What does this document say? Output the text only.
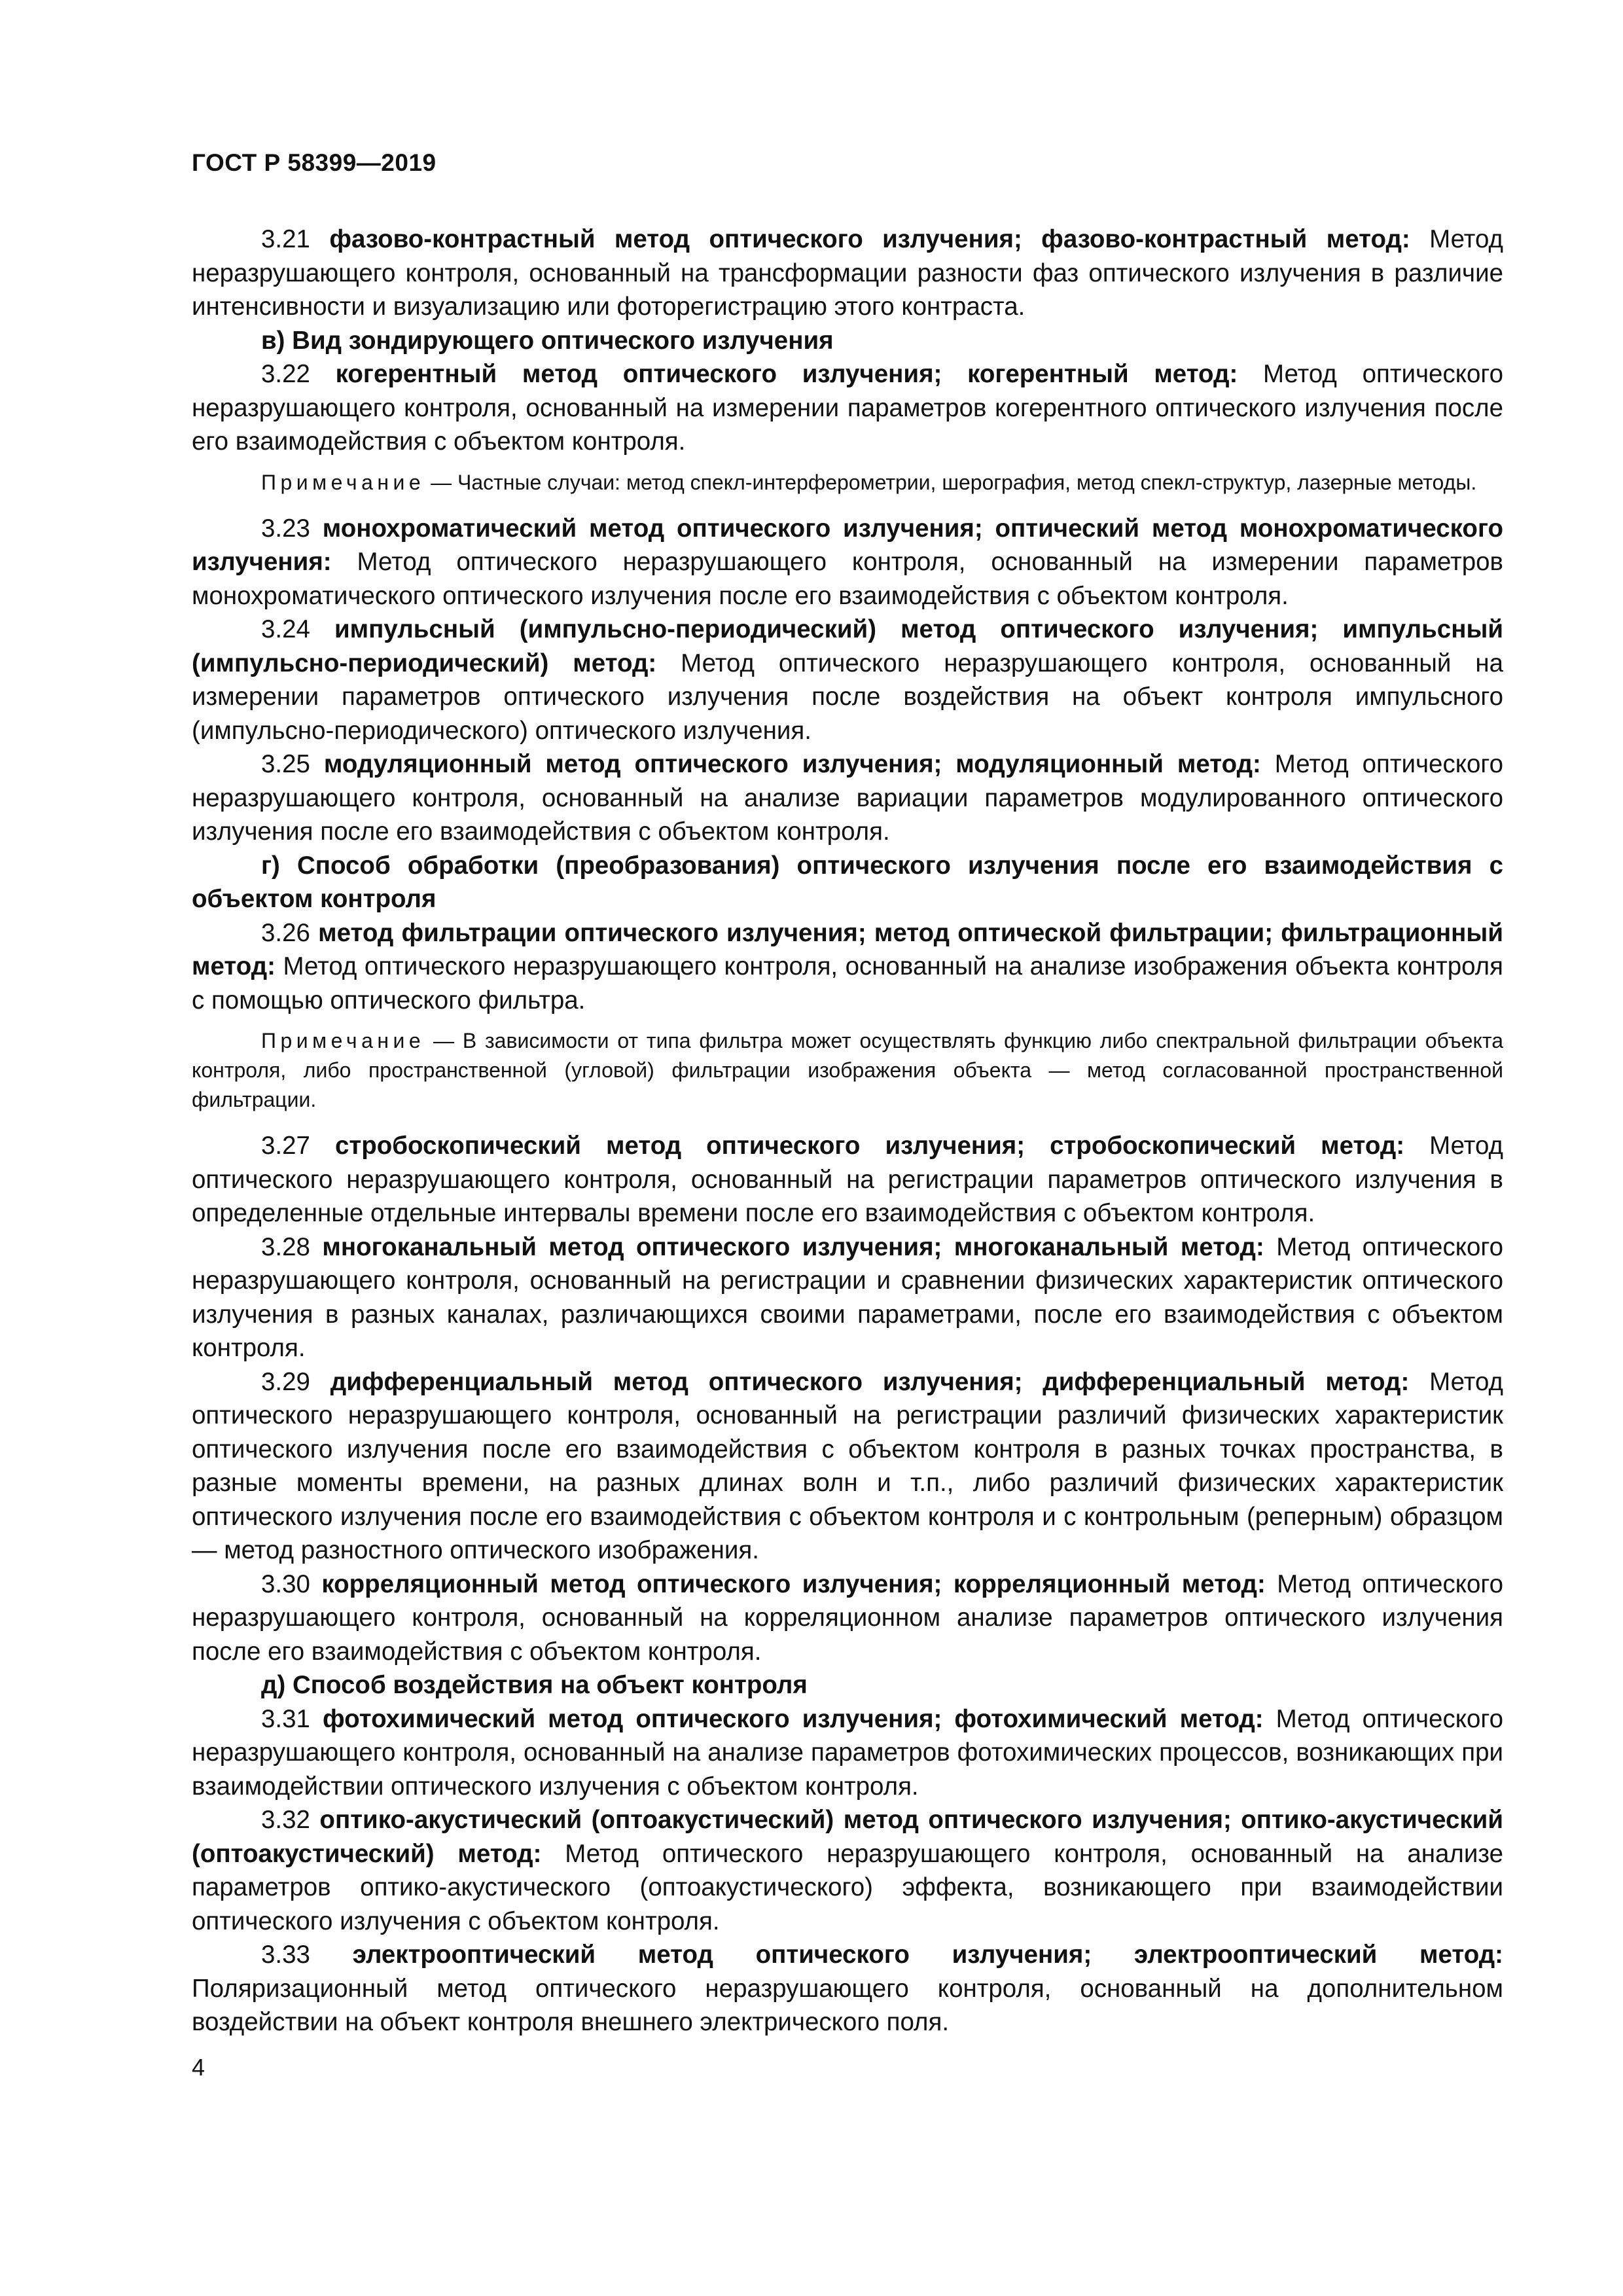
ГОСТ Р 58399—2019

3.21 фазово-контрастный метод оптического излучения; фазово-контрастный метод: Метод неразрушающего контроля, основанный на трансформации разности фаз оптического излучения в различие интенсивности и визуализацию или фоторегистрацию этого контраста.

в) Вид зондирующего оптического излучения

3.22 когерентный метод оптического излучения; когерентный метод: Метод оптического неразрушающего контроля, основанный на измерении параметров когерентного оптического излучения после его взаимодействия с объектом контроля.

Примечание — Частные случаи: метод спекл-интерферометрии, шерография, метод спекл-структур, лазерные методы.

3.23 монохроматический метод оптического излучения; оптический метод монохроматического излучения: Метод оптического неразрушающего контроля, основанный на измерении параметров монохроматического оптического излучения после его взаимодействия с объектом контроля.

3.24 импульсный (импульсно-периодический) метод оптического излучения; импульсный (импульсно-периодический) метод: Метод оптического неразрушающего контроля, основанный на измерении параметров оптического излучения после воздействия на объект контроля импульсного (импульсно-периодического) оптического излучения.

3.25 модуляционный метод оптического излучения; модуляционный метод: Метод оптического неразрушающего контроля, основанный на анализе вариации параметров модулированного оптического излучения после его взаимодействия с объектом контроля.

г) Способ обработки (преобразования) оптического излучения после его взаимодействия с объектом контроля

3.26 метод фильтрации оптического излучения; метод оптической фильтрации; фильтрационный метод: Метод оптического неразрушающего контроля, основанный на анализе изображения объекта контроля с помощью оптического фильтра.

Примечание — В зависимости от типа фильтра может осуществлять функцию либо спектральной фильтрации объекта контроля, либо пространственной (угловой) фильтрации изображения объекта — метод согласованной пространственной фильтрации.

3.27 стробоскопический метод оптического излучения; стробоскопический метод: Метод оптического неразрушающего контроля, основанный на регистрации параметров оптического излучения в определенные отдельные интервалы времени после его взаимодействия с объектом контроля.

3.28 многоканальный метод оптического излучения; многоканальный метод: Метод оптического неразрушающего контроля, основанный на регистрации и сравнении физических характеристик оптического излучения в разных каналах, различающихся своими параметрами, после его взаимодействия с объектом контроля.

3.29 дифференциальный метод оптического излучения; дифференциальный метод: Метод оптического неразрушающего контроля, основанный на регистрации различий физических характеристик оптического излучения после его взаимодействия с объектом контроля в разных точках пространства, в разные моменты времени, на разных длинах волн и т.п., либо различий физических характеристик оптического излучения после его взаимодействия с объектом контроля и с контрольным (реперным) образцом — метод разностного оптического изображения.

3.30 корреляционный метод оптического излучения; корреляционный метод: Метод оптического неразрушающего контроля, основанный на корреляционном анализе параметров оптического излучения после его взаимодействия с объектом контроля.

д) Способ воздействия на объект контроля

3.31 фотохимический метод оптического излучения; фотохимический метод: Метод оптического неразрушающего контроля, основанный на анализе параметров фотохимических процессов, возникающих при взаимодействии оптического излучения с объектом контроля.

3.32 оптико-акустический (оптоакустический) метод оптического излучения; оптико-акустический (оптоакустический) метод: Метод оптического неразрушающего контроля, основанный на анализе параметров оптико-акустического (оптоакустического) эффекта, возникающего при взаимодействии оптического излучения с объектом контроля.

3.33 электрооптический метод оптического излучения; электрооптический метод: Поляризационный метод оптического неразрушающего контроля, основанный на дополнительном воздействии на объект контроля внешнего электрического поля.

4
